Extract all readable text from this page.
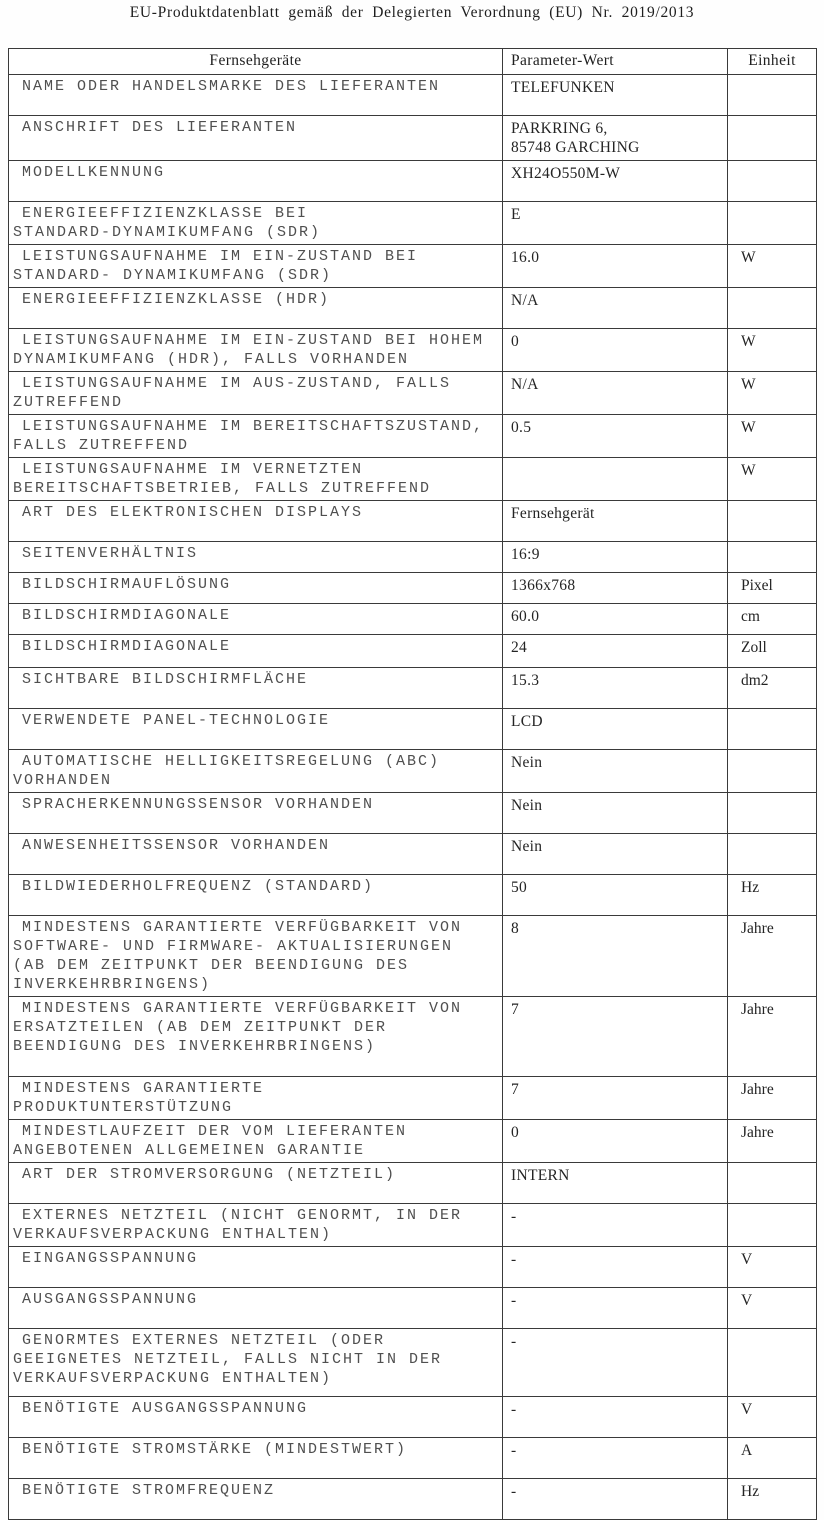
EU-Produktdatenblatt gemäß der Delegierten Verordnung (EU) Nr. 2019/2013
Fernsehgeräte	Parameter-Wert	Einheit

NAME ODER HANDELSMARKE DES LIEFERANTEN	TELEFUNKEN	

ANSCHRIFT DES LIEFERANTEN	PARKRING 6,
85748 GARCHING	

MODELLKENNUNG	XH24O550M-W	

ENERGIEEFFIZIENZKLASSE BEI
STANDARD-DYNAMIKUMFANG (SDR)	E	

LEISTUNGSAUFNAHME IM EIN-ZUSTAND BEI
STANDARD- DYNAMIKUMFANG (SDR)	16.0	W

ENERGIEEFFIZIENZKLASSE (HDR)	N/A	

LEISTUNGSAUFNAHME IM EIN-ZUSTAND BEI HOHEM
DYNAMIKUMFANG (HDR), FALLS VORHANDEN	0	W

LEISTUNGSAUFNAHME IM AUS-ZUSTAND, FALLS
ZUTREFFEND	N/A	W

LEISTUNGSAUFNAHME IM BEREITSCHAFTSZUSTAND,
FALLS ZUTREFFEND	0.5	W

LEISTUNGSAUFNAHME IM VERNETZTEN
BEREITSCHAFTSBETRIEB, FALLS ZUTREFFEND		W

ART DES ELEKTRONISCHEN DISPLAYS	Fernsehgerät	

SEITENVERHÄLTNIS	16:9	

BILDSCHIRMAUFLÖSUNG	1366x768	Pixel

BILDSCHIRMDIAGONALE	60.0	cm

BILDSCHIRMDIAGONALE	24	Zoll

SICHTBARE BILDSCHIRMFLÄCHE	15.3	dm2

VERWENDETE PANEL-TECHNOLOGIE	LCD	

AUTOMATISCHE HELLIGKEITSREGELUNG (ABC)
VORHANDEN	Nein	

SPRACHERKENNUNGSSENSOR VORHANDEN	Nein	

ANWESENHEITSSENSOR VORHANDEN	Nein	

BILDWIEDERHOLFREQUENZ (STANDARD)	50	Hz

MINDESTENS GARANTIERTE VERFÜGBARKEIT VON
SOFTWARE- UND FIRMWARE- AKTUALISIERUNGEN
(AB DEM ZEITPUNKT DER BEENDIGUNG DES
INVERKEHRBRINGENS)	8	Jahre

MINDESTENS GARANTIERTE VERFÜGBARKEIT VON
ERSATZTEILEN (AB DEM ZEITPUNKT DER
BEENDIGUNG DES INVERKEHRBRINGENS)	7	Jahre

MINDESTENS GARANTIERTE
PRODUKTUNTERSTÜTZUNG	7	Jahre

MINDESTLAUFZEIT DER VOM LIEFERANTEN
ANGEBOTENEN ALLGEMEINEN GARANTIE	0	Jahre

ART DER STROMVERSORGUNG (NETZTEIL)	INTERN	

EXTERNES NETZTEIL (NICHT GENORMT, IN DER
VERKAUFSVERPACKUNG ENTHALTEN)	-	

EINGANGSSPANNUNG	-	V

AUSGANGSSPANNUNG	-	V

GENORMTES EXTERNES NETZTEIL (ODER
GEEIGNETES NETZTEIL, FALLS NICHT IN DER
VERKAUFSVERPACKUNG ENTHALTEN)	-	

BENÖTIGTE AUSGANGSSPANNUNG	-	V

BENÖTIGTE STROMSTÄRKE (MINDESTWERT)	-	A

BENÖTIGTE STROMFREQUENZ	-	Hz
